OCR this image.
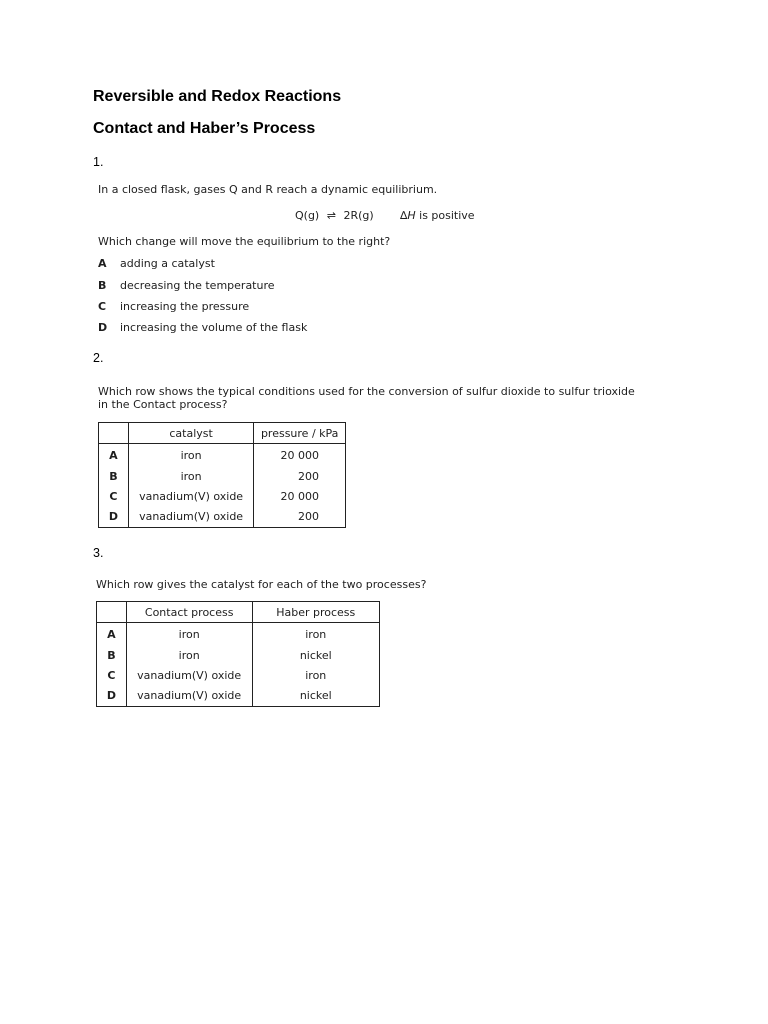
Reversible and Redox Reactions
Contact and Haber’s Process
1.
In a closed flask, gases Q and R reach a dynamic equilibrium.
Q(g) ⇌ 2R(g) ∆H is positive
Which change will move the equilibrium to the right?
A adding a catalyst
B decreasing the temperature
C increasing the pressure
D increasing the volume of the flask
2.
Which row shows the typical conditions used for the conversion of sulfur dioxide to sulfur trioxide
in the Contact process?
	catalyst	pressure / kPa
A	iron	20 000
B	iron	200
C	vanadium(V) oxide	20 000
D	vanadium(V) oxide	200
3.
Which row gives the catalyst for each of the two processes?
	Contact process	Haber process
A	iron	iron
B	iron	nickel
C	vanadium(V) oxide	iron
D	vanadium(V) oxide	nickel
